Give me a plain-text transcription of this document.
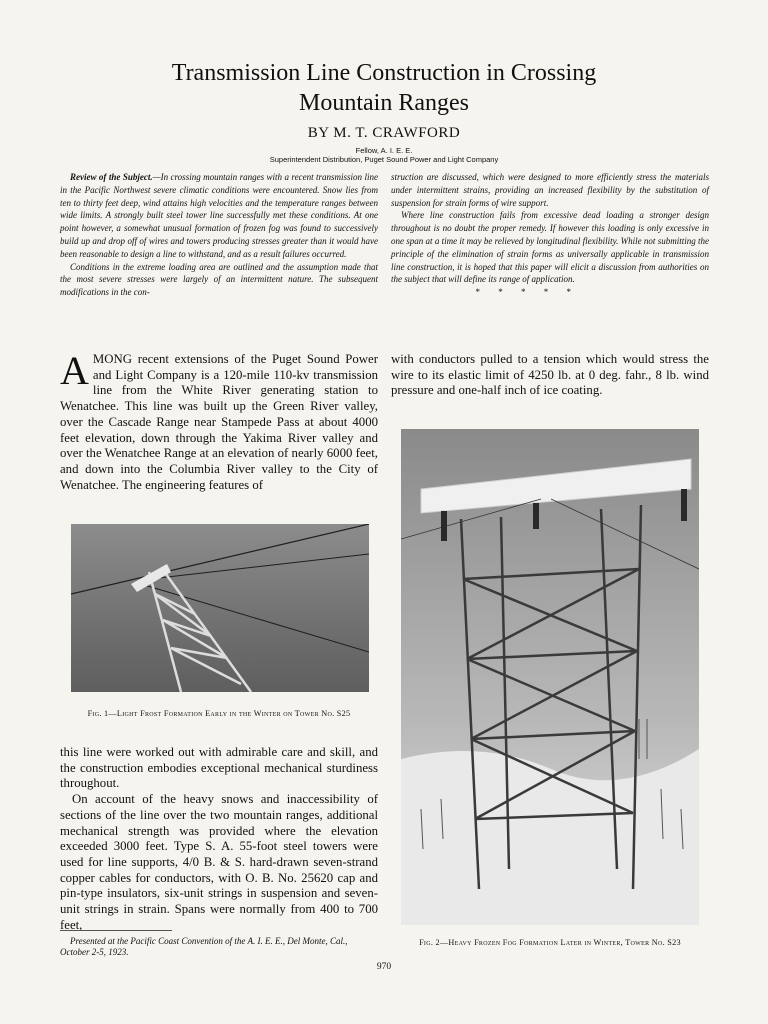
Transmission Line Construction in Crossing
Mountain Ranges
BY M. T. CRAWFORD
Fellow, A. I. E. E.
Superintendent Distribution, Puget Sound Power and Light Company

Review of the Subject.—In crossing mountain ranges with a recent transmission line in the Pacific Northwest severe climatic conditions were encountered. Snow lies from ten to thirty feet deep, wind attains high velocities and the temperature ranges between wide limits. A strongly built steel tower line successfully met these conditions. At one point however, a somewhat unusual formation of frozen fog was found to successively build up and drop off of wires and towers producing stresses greater than it would have been reasonable to design a line to withstand, and as a result failures occurred.

Conditions in the extreme loading area are outlined and the assumption made that the most severe stresses were largely of an intermittent nature. The subsequent modifications in the con-

struction are discussed, which were designed to more efficiently stress the materials under intermittent strains, providing an increased flexibility by the substitution of suspension for strain forms of wire support.

Where line construction fails from excessive dead loading a stronger design throughout is no doubt the proper remedy. If however this loading is only excessive in one span at a time it may be relieved by longitudinal flexibility. While not submitting the principle of the elimination of strain forms as universally applicable in transmission line construction, it is hoped that this paper will elicit a discussion from authorities on the subject that will define its range of application.

* * * * *

AMONG recent extensions of the Puget Sound Power and Light Company is a 120-mile 110-kv transmission line from the White River generating station to Wenatchee. This line was built up the Green River valley, over the Cascade Range near Stampede Pass at about 4000 feet elevation, down through the Yakima River valley and over the Wenatchee Range at an elevation of nearly 6000 feet, and down into the Columbia River valley to the City of Wenatchee. The engineering features of

Fig. 1—Light Frost Formation Early in the Winter on Tower No. S25

this line were worked out with admirable care and skill, and the construction embodies exceptional mechanical sturdiness throughout.

On account of the heavy snows and inaccessibility of sections of the line over the two mountain ranges, additional mechanical strength was provided where the elevation exceeded 3000 feet. Type S. A. 55-foot steel towers were used for line supports, 4/0 B. & S. hard-drawn seven-strand copper cables for conductors, with O. B. No. 25620 cap and pin-type insulators, six-unit strings in suspension and seven-unit strings in strain. Spans were normally from 400 to 700 feet,

Presented at the Pacific Coast Convention of the A. I. E. E., Del Monte, Cal., October 2-5, 1923.

with conductors pulled to a tension which would stress the wire to its elastic limit of 4250 lb. at 0 deg. fahr., 8 lb. wind pressure and one-half inch of ice coating.

Fig. 2—Heavy Frozen Fog Formation Later in Winter, Tower No. S23
970
